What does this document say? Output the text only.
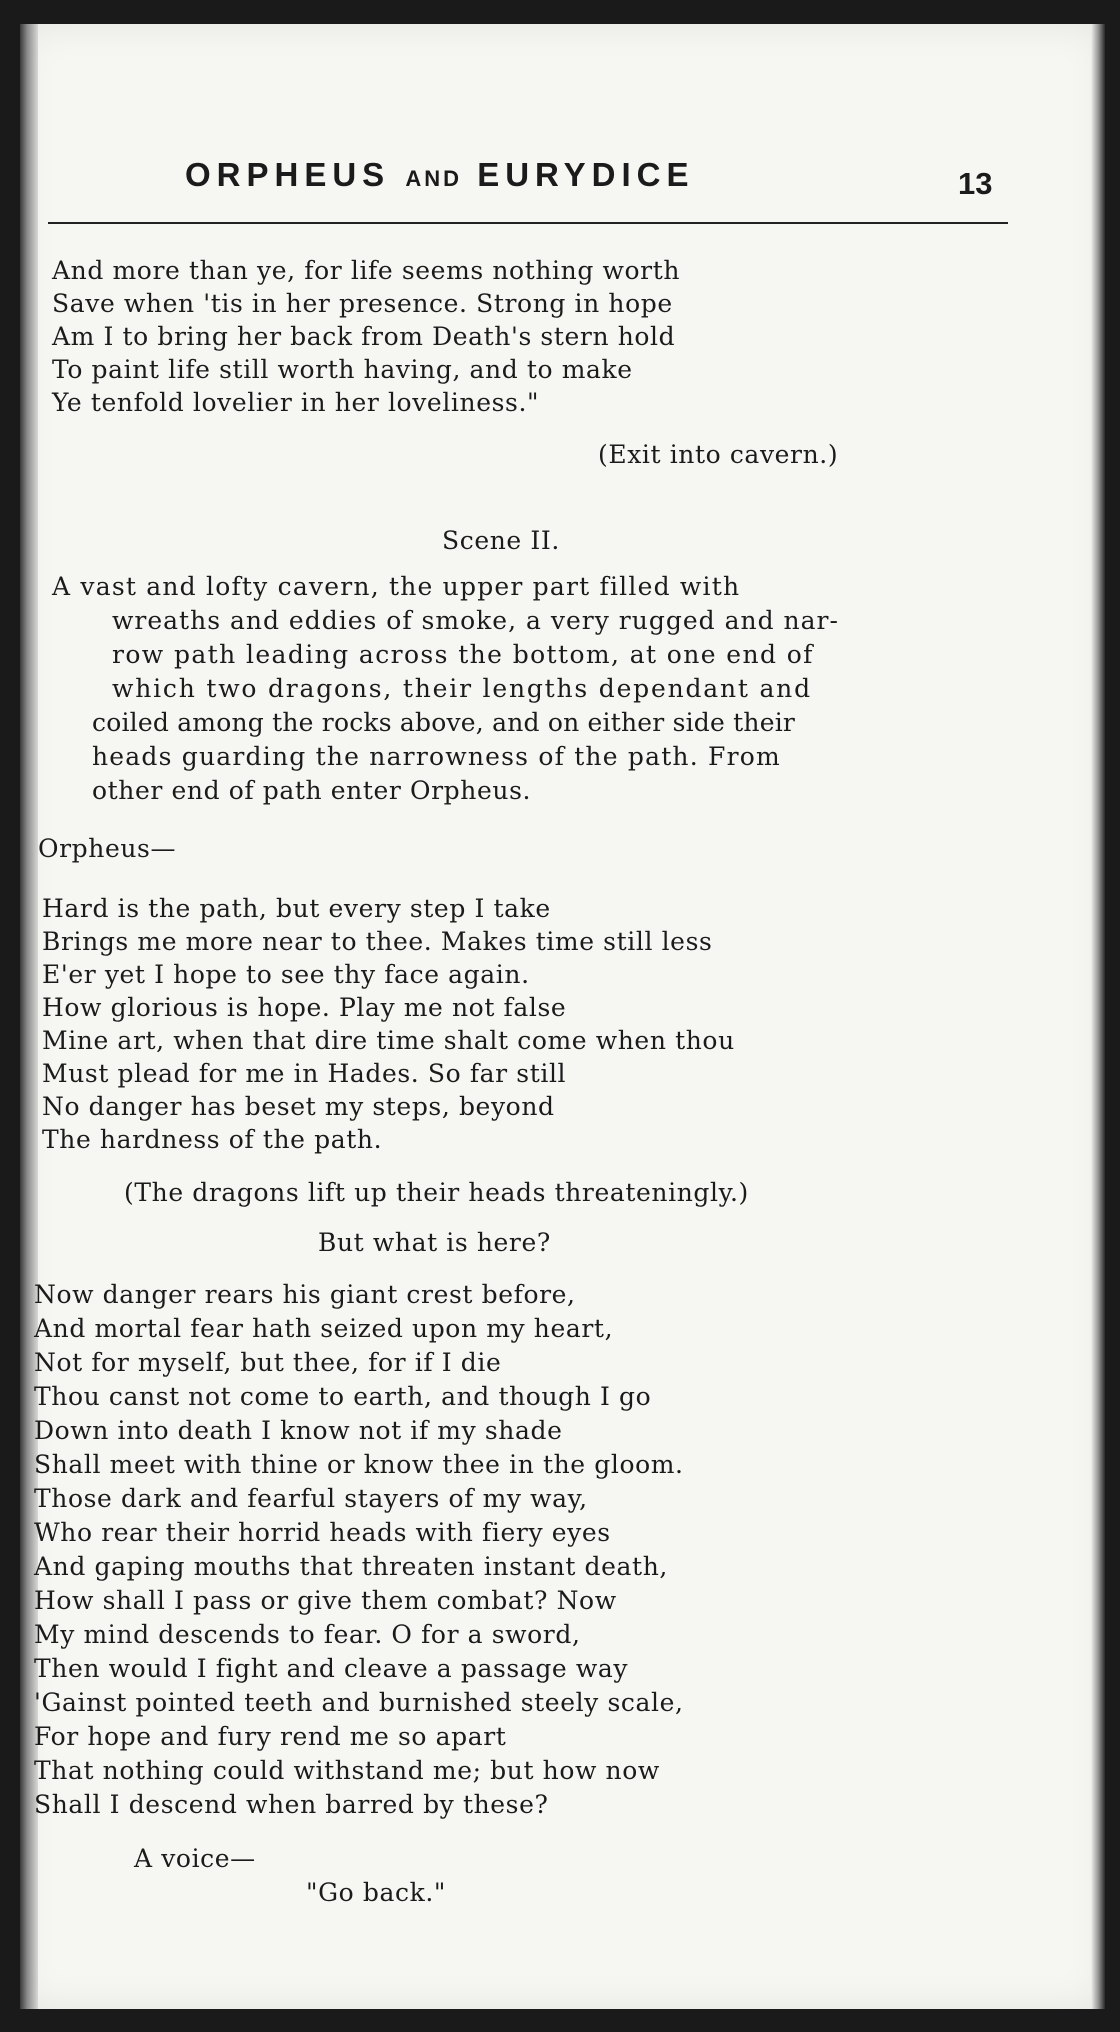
ORPHEUS AND EURYDICE	13
And more than ye, for life seems nothing worth
Save when 'tis in her presence. Strong in hope
Am I to bring her back from Death's stern hold
To paint life still worth having, and to make
Ye tenfold lovelier in her loveliness."
(Exit into cavern.)
Scene II.
A vast and lofty cavern, the upper part filled with
wreaths and eddies of smoke, a very rugged and nar-
row path leading across the bottom, at one end of
which two dragons, their lengths dependant and
coiled among the rocks above, and on either side their
heads guarding the narrowness of the path. From
other end of path enter Orpheus.
Orpheus—
Hard is the path, but every step I take
Brings me more near to thee. Makes time still less
E'er yet I hope to see thy face again.
How glorious is hope. Play me not false
Mine art, when that dire time shalt come when thou
Must plead for me in Hades. So far still
No danger has beset my steps, beyond
The hardness of the path.
(The dragons lift up their heads threateningly.)
But what is here?
Now danger rears his giant crest before,
And mortal fear hath seized upon my heart,
Not for myself, but thee, for if I die
Thou canst not come to earth, and though I go
Down into death I know not if my shade
Shall meet with thine or know thee in the gloom.
Those dark and fearful stayers of my way,
Who rear their horrid heads with fiery eyes
And gaping mouths that threaten instant death,
How shall I pass or give them combat? Now
My mind descends to fear. O for a sword,
Then would I fight and cleave a passage way
'Gainst pointed teeth and burnished steely scale,
For hope and fury rend me so apart
That nothing could withstand me; but how now
Shall I descend when barred by these?
A voice—
"Go back."
